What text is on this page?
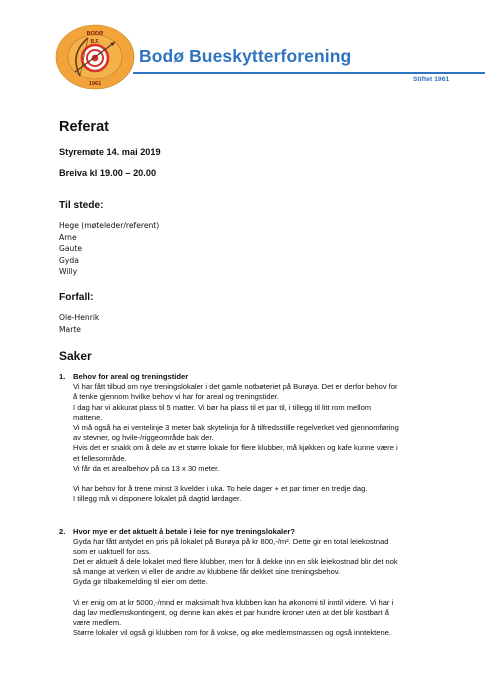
BODØ
B.F.
1961
Bodø Bueskytterforening
Stiftet 1961
Referat

Styremøte 14. mai 2019

Breiva kl 19.00 – 20.00

Til stede:

Hege (møteleder/referent)
Arne
Gaute
Gyda
Willy

Forfall:

Ole-Henrik
Marte

Saker

1. Behov for areal og treningstider

Vi har fått tilbud om nye treningslokaler i det gamle notbøteriet på Burøya. Det er derfor behov for

å tenke gjennom hvilke behov vi har for areal og treningstider.

I dag har vi akkurat plass til 5 matter. Vi bør ha plass til et par til, i tillegg til litt rom mellom

mattene.

Vi må også ha ei ventelinje 3 meter bak skytelinja for å tilfredsstille regelverket ved gjennomføring

av stevner, og hvile-/riggeområde bak der.

Hvis det er snakk om å dele av et større lokale for flere klubber, må kjøkken og kafe kunne være i

et fellesområde.

Vi får da et arealbehov på ca 13 x 30 meter.

Vi har behov for å trene minst 3 kvelder i uka. To hele dager + et par timer en tredje dag.

I tillegg må vi disponere lokalet på dagtid lørdager.

2. Hvor mye er det aktuelt å betale i leie for nye treningslokaler?

Gyda har fått antydet en pris på lokalet på Burøya på kr 800,-/m². Dette gir en total leiekostnad

som er uaktuell for oss.

Det er aktuelt å dele lokalet med flere klubber, men for å dekke inn en slik leiekostnad blir det nok

så mange at verken vi eller de andre av klubbene får dekket sine treningsbehov.

Gyda gir tilbakemelding til eier om dette.

Vi er enig om at kr 5000,-/mnd er maksimalt hva klubben kan ha økonomi til inntil videre. Vi har i

dag lav medlemskontingent, og denne kan økes et par hundre kroner uten at det blir kostbart å

være medlem.

Større lokaler vil også gi klubben rom for å vokse, og øke medlemsmassen og også inntektene.
